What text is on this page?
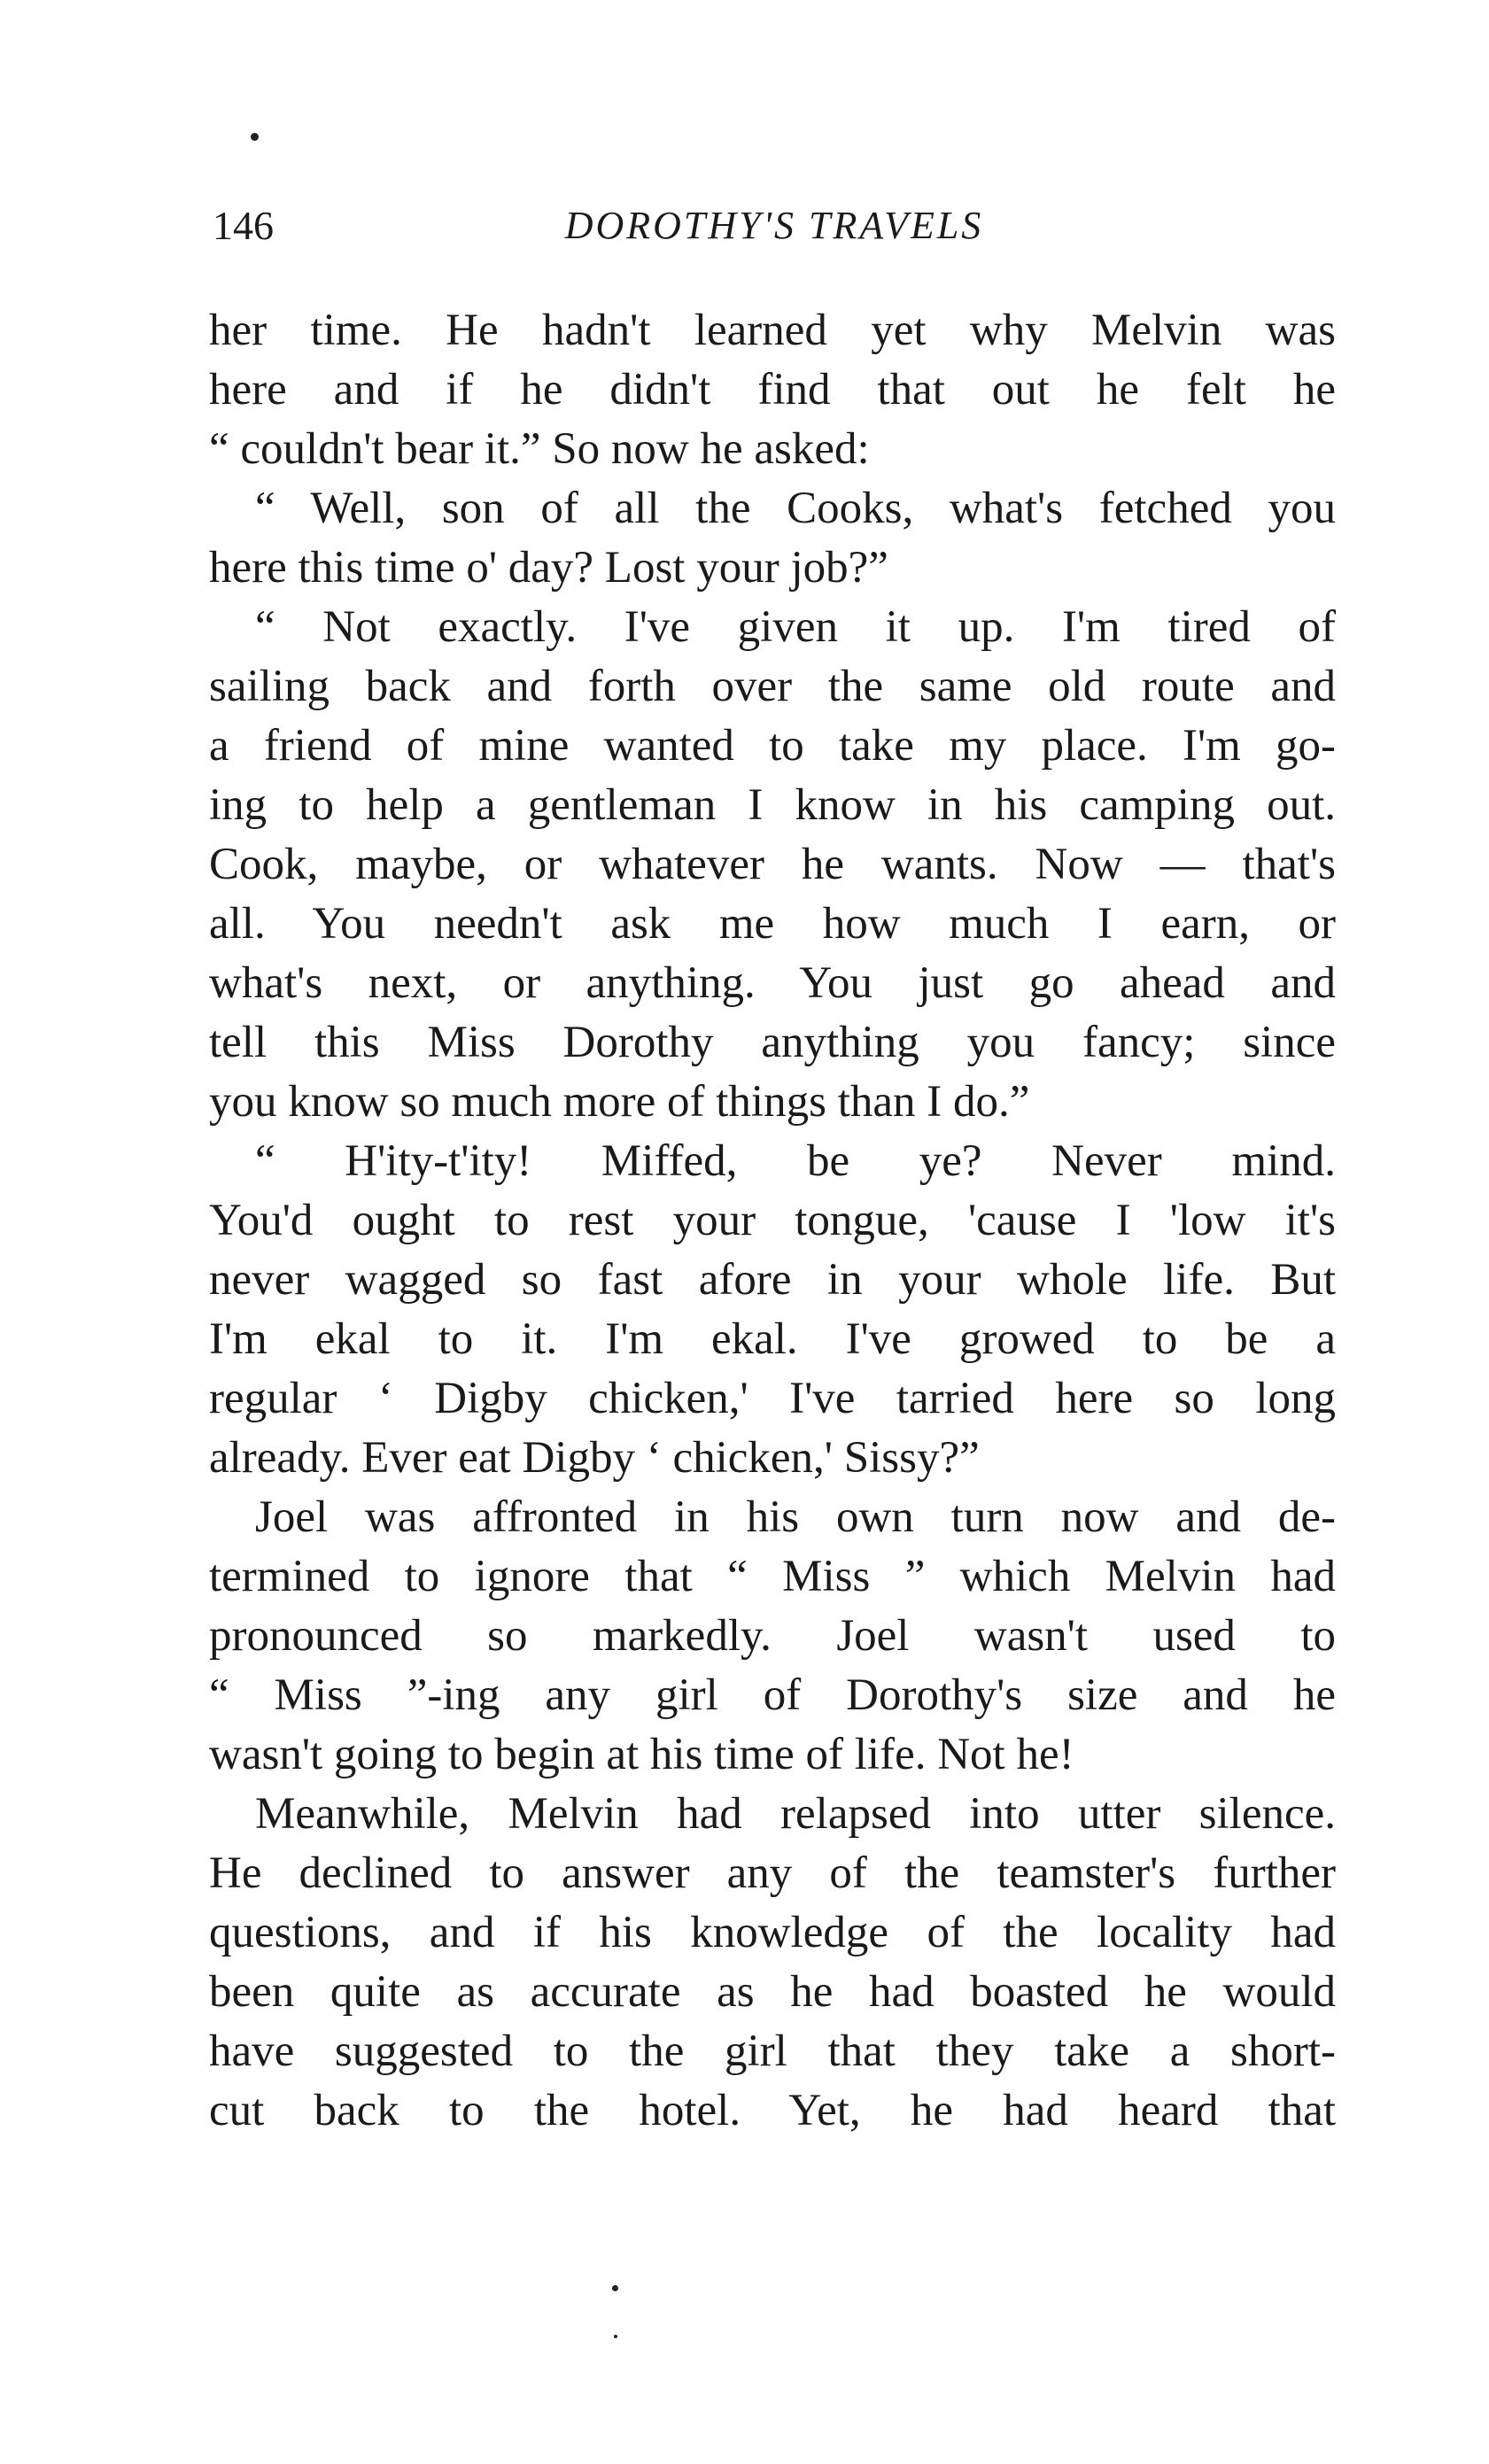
146	DOROTHY'S TRAVELS
her time. He hadn't learned yet why Melvin was
here and if he didn't find that out he felt he
“ couldn't bear it.” So now he asked:
“ Well, son of all the Cooks, what's fetched you
here this time o' day? Lost your job?”
“ Not exactly. I've given it up. I'm tired of
sailing back and forth over the same old route and
a friend of mine wanted to take my place. I'm go-
ing to help a gentleman I know in his camping out.
Cook, maybe, or whatever he wants. Now — that's
all. You needn't ask me how much I earn, or
what's next, or anything. You just go ahead and
tell this Miss Dorothy anything you fancy; since
you know so much more of things than I do.”
“ H'ity-t'ity! Miffed, be ye? Never mind.
You'd ought to rest your tongue, 'cause I 'low it's
never wagged so fast afore in your whole life. But
I'm ekal to it. I'm ekal. I've growed to be a
regular ‘ Digby chicken,' I've tarried here so long
already. Ever eat Digby ‘ chicken,' Sissy?”
Joel was affronted in his own turn now and de-
termined to ignore that “ Miss ” which Melvin had
pronounced so markedly. Joel wasn't used to
“ Miss ”-ing any girl of Dorothy's size and he
wasn't going to begin at his time of life. Not he!
Meanwhile, Melvin had relapsed into utter silence.
He declined to answer any of the teamster's further
questions, and if his knowledge of the locality had
been quite as accurate as he had boasted he would
have suggested to the girl that they take a short-
cut back to the hotel. Yet, he had heard that
